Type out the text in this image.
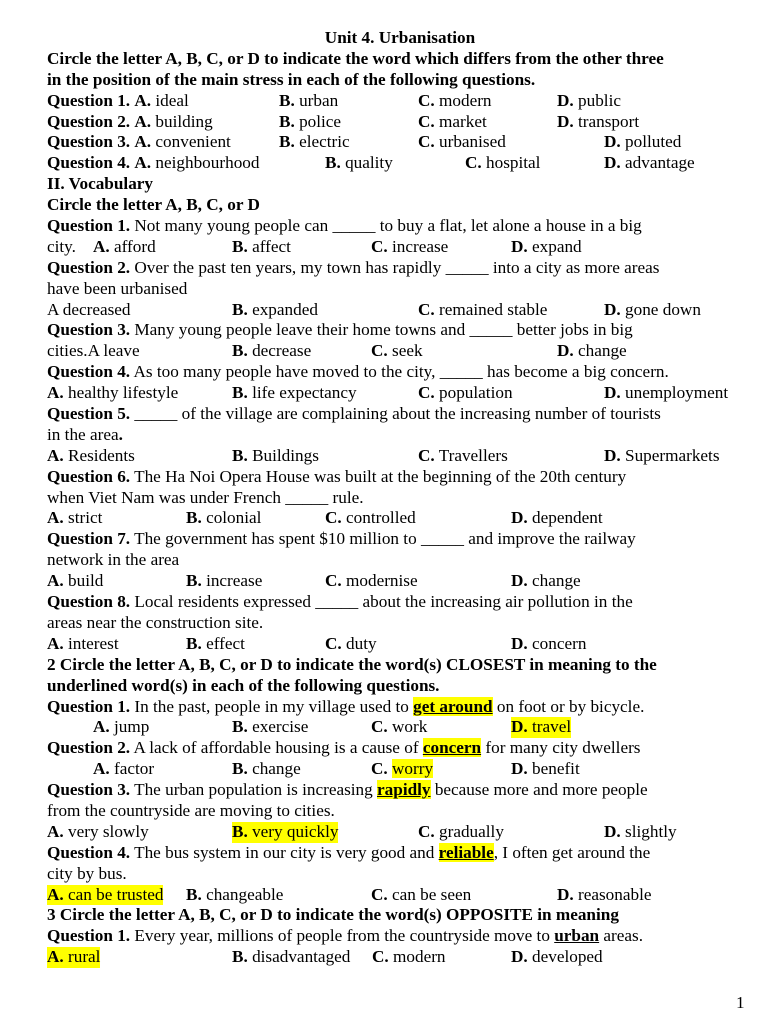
Unit 4. Urbanisation
Circle the letter A, B, C, or D to indicate the word which differs from the other three
in the position of the main stress in each of the following questions.
Question 1. A. ideal	B. urban	C. modern	D. public
Question 2. A. building	B. police	C. market	D. transport
Question 3. A. convenient	B. electric	C. urbanised	D. polluted
Question 4. A. neighbourhood	B. quality	C. hospital	D. advantage
II. Vocabulary
Circle the letter A, B, C, or D
Question 1. Not many young people can _____ to buy a flat, let alone a house in a big
city. A. afford	B. affect	C. increase	D. expand
Question 2. Over the past ten years, my town has rapidly _____ into a city as more areas
have been urbanised
A decreased	B. expanded	C. remained stable	D. gone down
Question 3. Many young people leave their home towns and _____ better jobs in big
cities.A leave	B. decrease	C. seek	D. change
Question 4. As too many people have moved to the city, _____ has become a big concern.
A. healthy lifestyle	B. life expectancy	C. population	D. unemployment
Question 5. _____ of the village are complaining about the increasing number of tourists
in the area.
A. Residents	B. Buildings	C. Travellers	D. Supermarkets
Question 6. The Ha Noi Opera House was built at the beginning of the 20th century
when Viet Nam was under French _____ rule.
A. strict	B. colonial	C. controlled	D. dependent
Question 7. The government has spent $10 million to _____ and improve the railway
network in the area
A. build	B. increase	C. modernise	D. change
Question 8. Local residents expressed _____ about the increasing air pollution in the
areas near the construction site.
A. interest	B. effect	C. duty	D. concern
2 Circle the letter A, B, C, or D to indicate the word(s) CLOSEST in meaning to the
underlined word(s) in each of the following questions.
Question 1. In the past, people in my village used to get around on foot or by bicycle.
A. jump	B. exercise	C. work	D. travel
Question 2. A lack of affordable housing is a cause of concern for many city dwellers
A. factor	B. change	C. worry	D. benefit
Question 3. The urban population is increasing rapidly because more and more people
from the countryside are moving to cities.
A. very slowly	B. very quickly	C. gradually	D. slightly
Question 4. The bus system in our city is very good and reliable, I often get around the
city by bus.
A. can be trusted B. changeable	C. can be seen	D. reasonable
3 Circle the letter A, B, C, or D to indicate the word(s) OPPOSITE in meaning
Question 1. Every year, millions of people from the countryside move to urban areas.
A. rural	B. disadvantaged C. modern	D. developed
1
